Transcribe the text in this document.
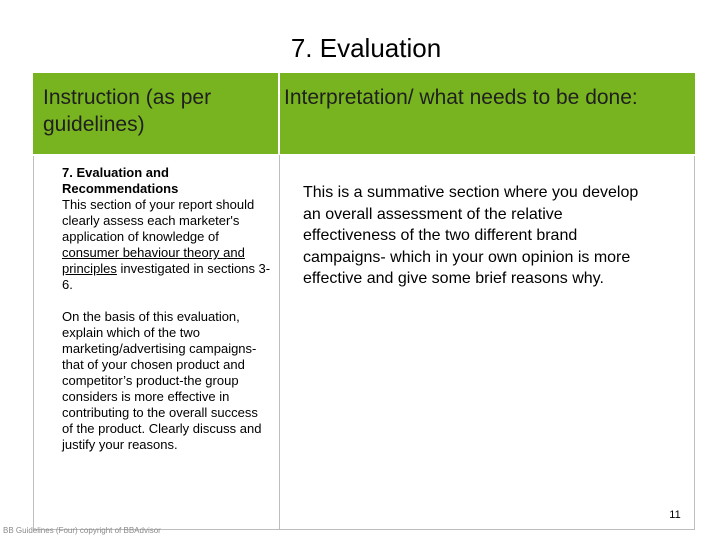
7. Evaluation
Instruction (as per guidelines)
Interpretation/ what needs to be done:

7. Evaluation and Recommendations

This section of your report should clearly assess each marketer's application of knowledge of consumer behaviour theory and principles investigated in sections 3-6.

On the basis of this evaluation, explain which of the two marketing/advertising campaigns- that of your chosen product and competitor’s product-the group considers is more effective in contributing to the overall success of the product. Clearly discuss and justify your reasons.

This is a summative section where you develop an overall assessment of the relative effectiveness of the two different brand campaigns- which in your own opinion is more effective and give some brief reasons why.
11
BB Guidelines (Four) copyright of BBAdvisor
